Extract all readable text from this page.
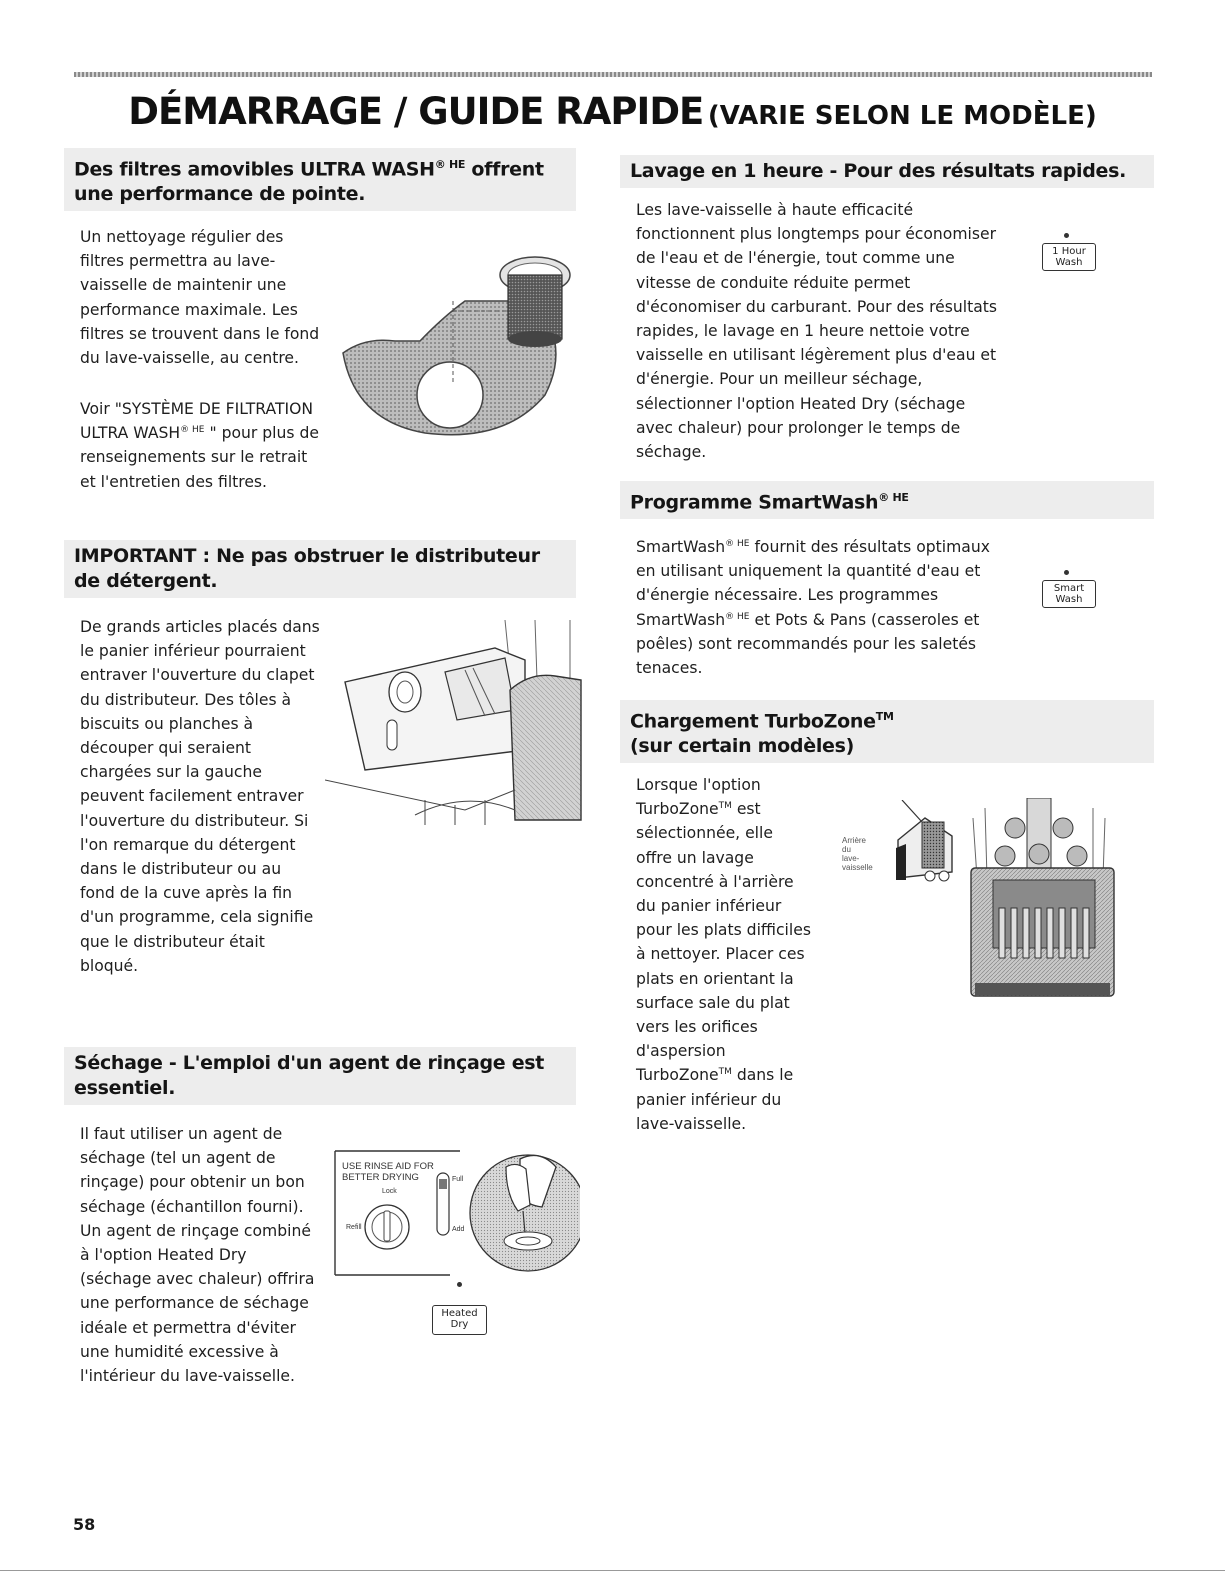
DÉMARRAGE / GUIDE RAPIDE (VARIE SELON LE MODÈLE)
Des filtres amovibles ULTRA $WASH^{® HE}$ offrent une performance de pointe.
Un nettoyage régulier des filtres permettra au lave-vaisselle de maintenir une performance maximale. Les filtres se trouvent dans le fond du lave-vaisselle, au centre.
Voir "SYSTÈME DE FILTRATION ULTRA $WASH^{® HE}$ " pour plus de renseignements sur le retrait et l'entretien des filtres.
IMPORTANT : Ne pas obstruer le distributeur de détergent.
De grands articles placés dans le panier inférieur pourraient entraver l'ouverture du clapet du distributeur. Des tôles à biscuits ou planches à découper qui seraient chargées sur la gauche peuvent facilement entraver l'ouverture du distributeur. Si l'on remarque du détergent dans le distributeur ou au fond de la cuve après la fin d'un programme, cela signifie que le distributeur était bloqué.
Séchage - L'emploi d'un agent de rinçage est essentiel.
Il faut utiliser un agent de séchage (tel un agent de rinçage) pour obtenir un bon séchage (échantillon fourni). Un agent de rinçage combiné à l'option Heated Dry (séchage avec chaleur) offrira une performance de séchage idéale et permettra d'éviter une humidité excessive à l'intérieur du lave-vaisselle.
USE RINSE AID FOR
BETTER DRYING
Lock
Refill
Full
Add
Heated
Dry
Lavage en 1 heure - Pour des résultats rapides.
Les lave-vaisselle à haute efficacité fonctionnent plus longtemps pour économiser de l'eau et de l'énergie, tout comme une vitesse de conduite réduite permet d'économiser du carburant. Pour des résultats rapides, le lavage en 1 heure nettoie votre vaisselle en utilisant légèrement plus d'eau et d'énergie. Pour un meilleur séchage, sélectionner l'option Heated Dry (séchage avec chaleur) pour prolonger le temps de séchage.
1 Hour
Wash
Programme SmartWash$^{® HE}$
SmartWash$^{® HE}$ fournit des résultats optimaux en utilisant uniquement la quantité d'eau et d'énergie nécessaire. Les programmes SmartWash$^{® HE}$ et Pots & Pans (casseroles et poêles) sont recommandés pour les saletés tenaces.
Smart
Wash
Chargement TurboZone™
(sur certain modèles)
Lorsque l'option TurboZone™ est sélectionnée, elle offre un lavage concentré à l'arrière du panier inférieur pour les plats difficiles à nettoyer. Placer ces plats en orientant la surface sale du plat vers les orifices d'aspersion TurboZone™ dans le panier inférieur du lave-vaisselle.
Arrière
du
lave-
vaisselle
58
